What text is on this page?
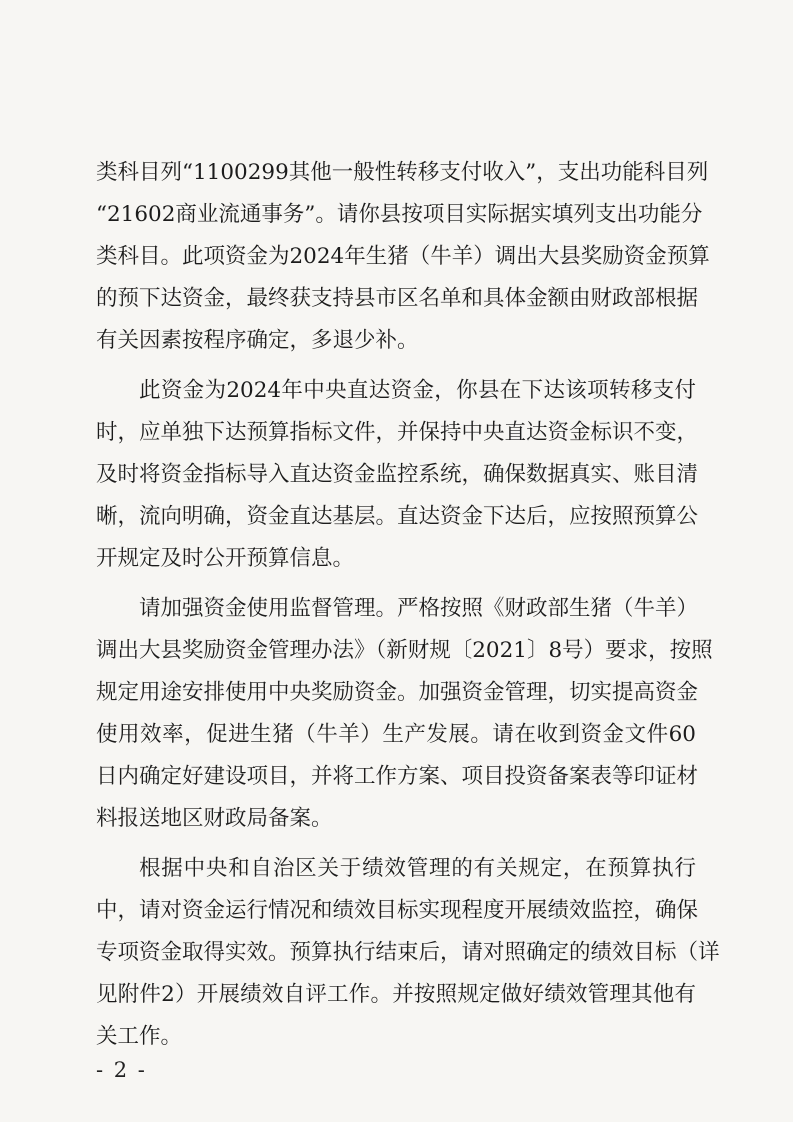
类科目列“1100299其他一般性转移支付收入”，支出功能科目列
“21602商业流通事务”。请你县按项目实际据实填列支出功能分
类科目。此项资金为2024年生猪（牛羊）调出大县奖励资金预算
的预下达资金，最终获支持县市区名单和具体金额由财政部根据
有关因素按程序确定，多退少补。
此资金为2024年中央直达资金，你县在下达该项转移支付
时，应单独下达预算指标文件，并保持中央直达资金标识不变，
及时将资金指标导入直达资金监控系统，确保数据真实、账目清
晰，流向明确，资金直达基层。直达资金下达后，应按照预算公
开规定及时公开预算信息。
请加强资金使用监督管理。严格按照《财政部生猪（牛羊）
调出大县奖励资金管理办法》（新财规〔2021〕8号）要求，按照
规定用途安排使用中央奖励资金。加强资金管理，切实提高资金
使用效率，促进生猪（牛羊）生产发展。请在收到资金文件60
日内确定好建设项目，并将工作方案、项目投资备案表等印证材
料报送地区财政局备案。
根据中央和自治区关于绩效管理的有关规定，在预算执行
中，请对资金运行情况和绩效目标实现程度开展绩效监控，确保
专项资金取得实效。预算执行结束后，请对照确定的绩效目标（详
见附件2）开展绩效自评工作。并按照规定做好绩效管理其他有
关工作。
- 2 -
